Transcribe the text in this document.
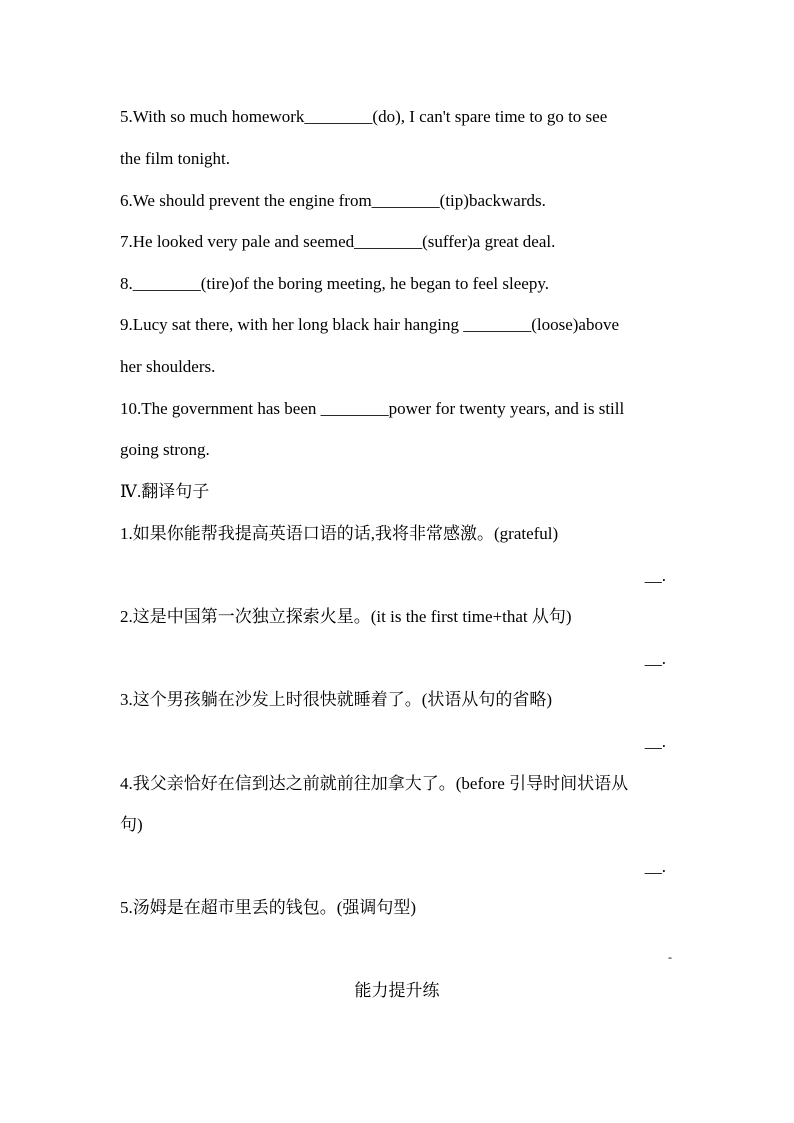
5.With so much homework________(do), I can't spare time to go to see
the film tonight.
6.We should prevent the engine from________(tip)backwards.
7.He looked very pale and seemed________(suffer)a great deal.
8.________(tire)of the boring meeting, he began to feel sleepy.
9.Lucy sat there, with her long black hair hanging ________(loose)above
her shoulders.
10.The government has been ________power for twenty years, and is still
going strong.
Ⅳ.翻译句子
1.如果你能帮我提高英语口语的话,我将非常感激。(grateful)
__.
2.这是中国第一次独立探索火星。(it is the first time+that 从句)
__.
3.这个男孩躺在沙发上时很快就睡着了。(状语从句的省略)
__.
4.我父亲恰好在信到达之前就前往加拿大了。(before 引导时间状语从
句)
__.
5.汤姆是在超市里丢的钱包。(强调句型)
-
能力提升练
